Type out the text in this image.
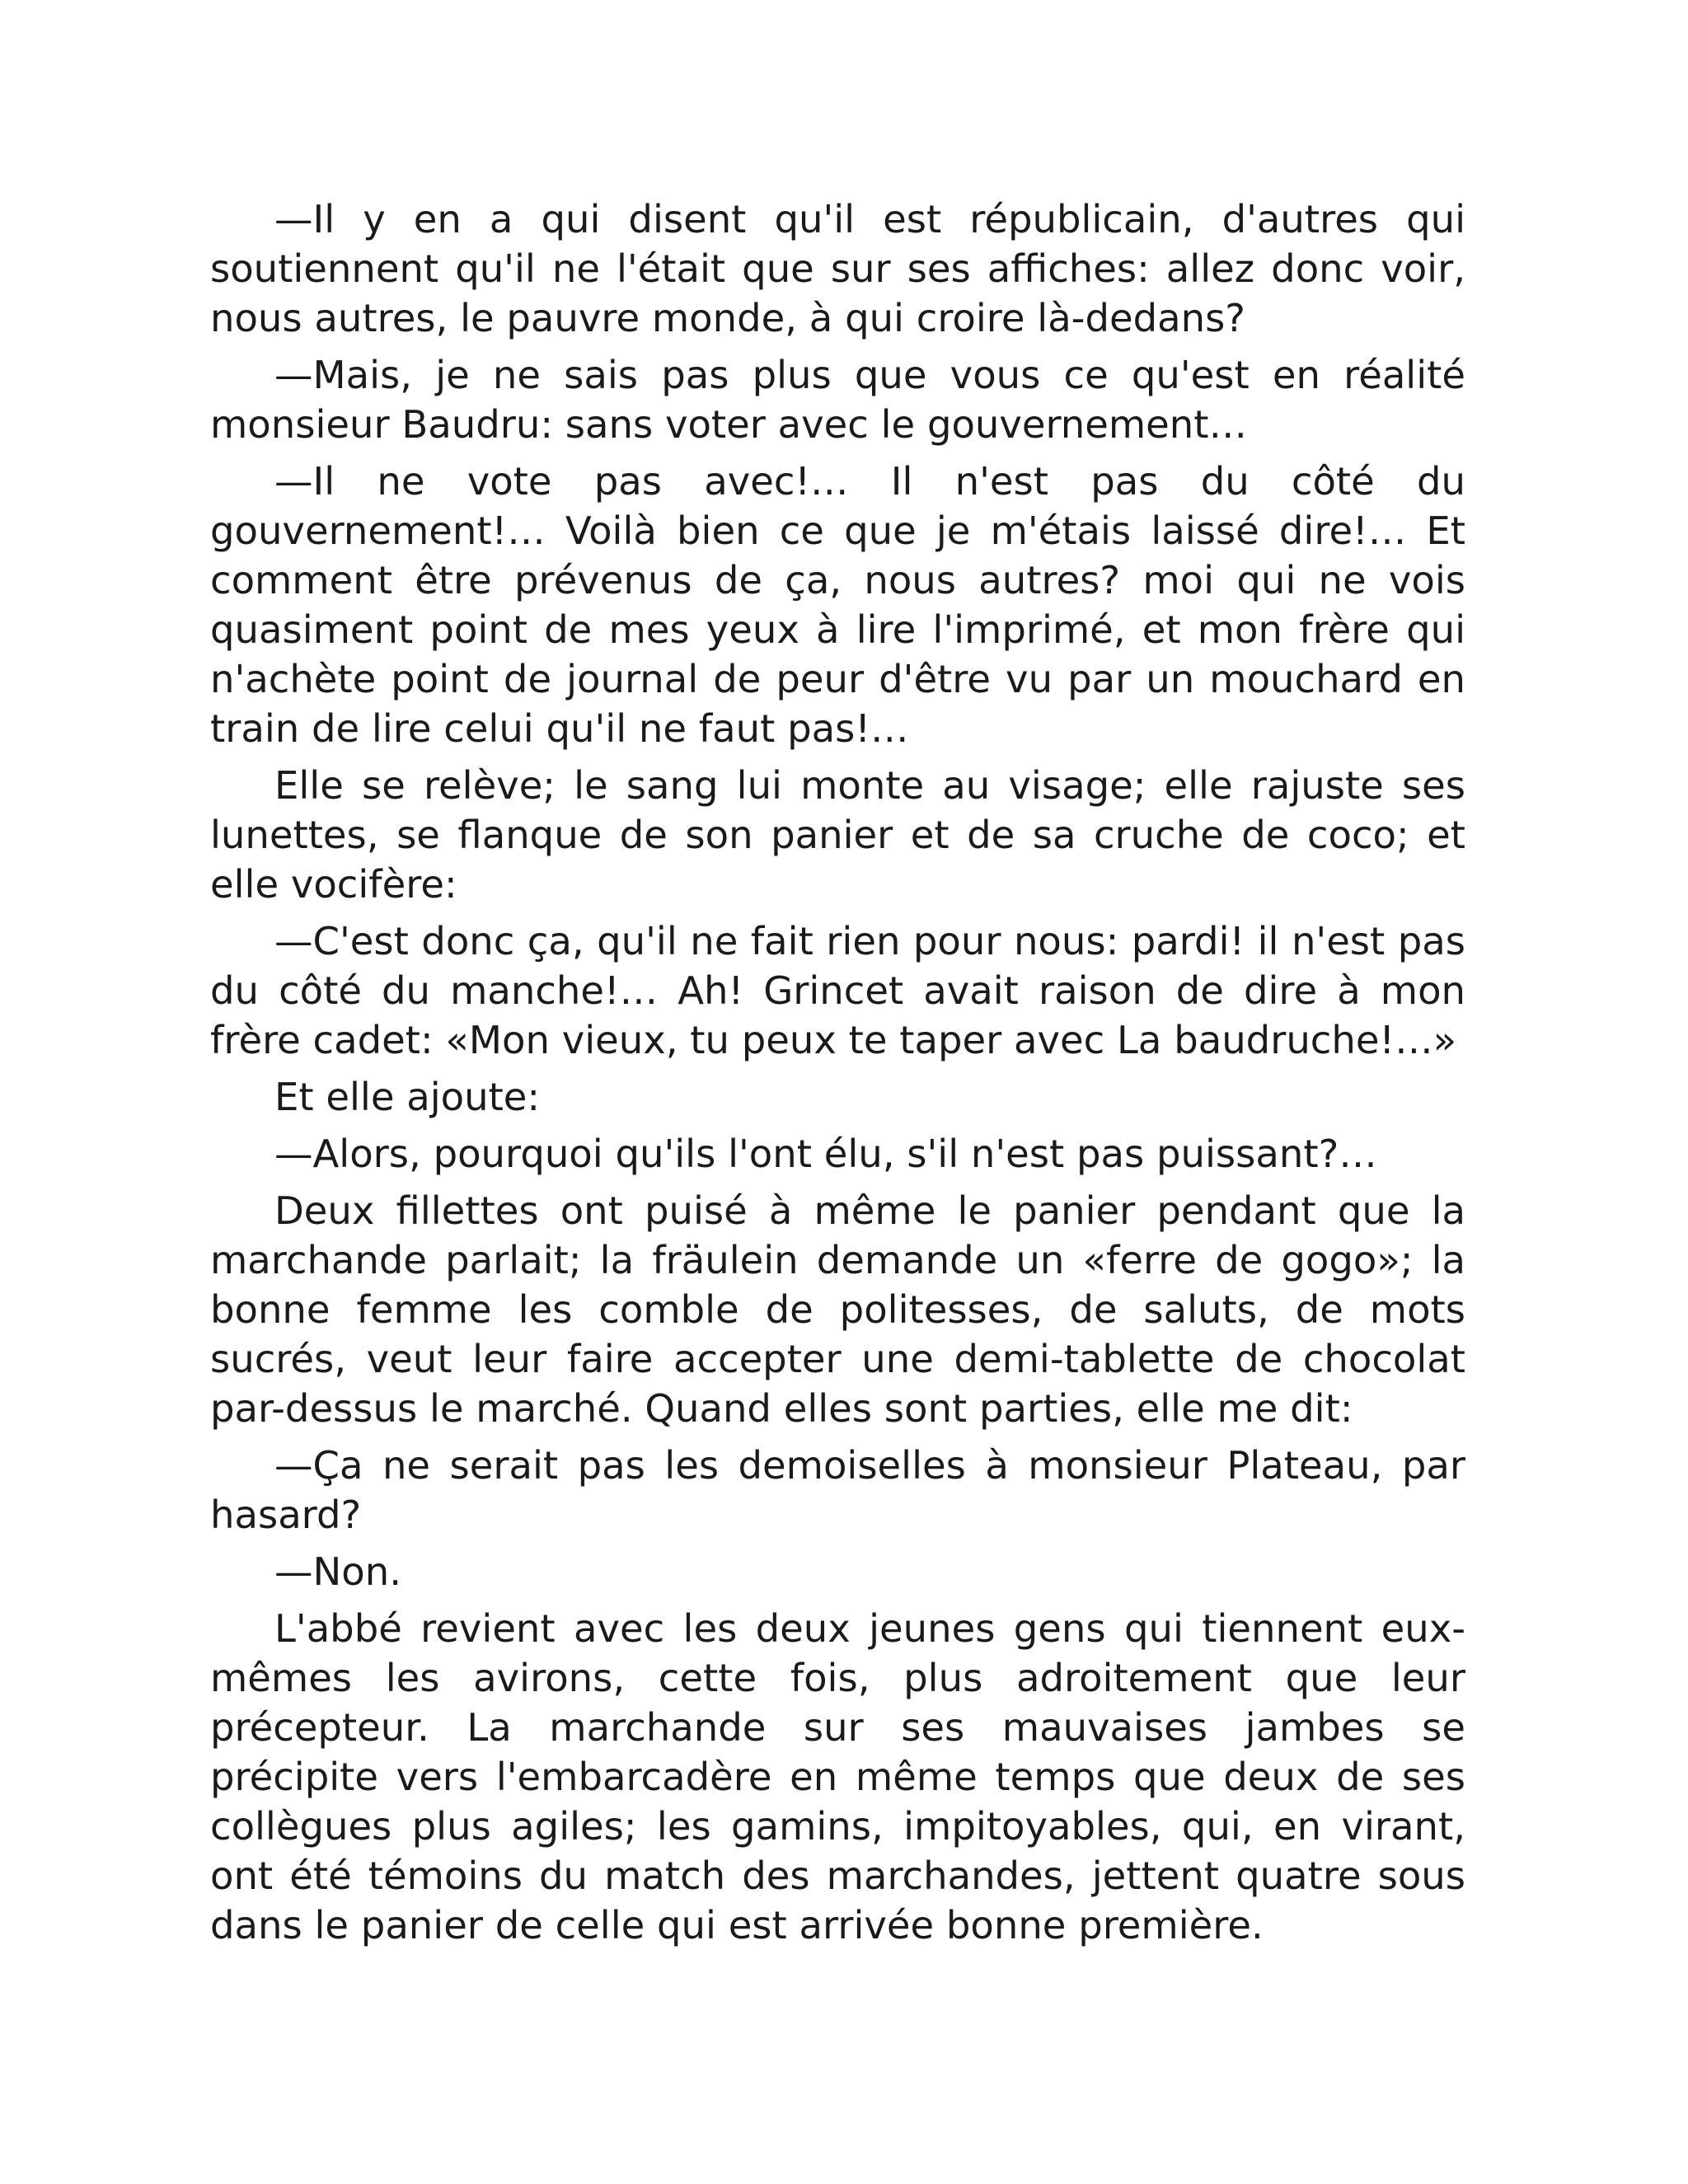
—Il y en a qui disent qu'il est républicain, d'autres qui soutiennent qu'il ne l'était que sur ses affiches: allez donc voir, nous autres, le pauvre monde, à qui croire là-dedans?

—Mais, je ne sais pas plus que vous ce qu'est en réalité monsieur Baudru: sans voter avec le gouvernement…

—Il ne vote pas avec!… Il n'est pas du côté du gouvernement!… Voilà bien ce que je m'étais laissé dire!… Et comment être prévenus de ça, nous autres? moi qui ne vois quasiment point de mes yeux à lire l'imprimé, et mon frère qui n'achète point de journal de peur d'être vu par un mouchard en train de lire celui qu'il ne faut pas!…

Elle se relève; le sang lui monte au visage; elle rajuste ses lunettes, se flanque de son panier et de sa cruche de coco; et elle vocifère:

—C'est donc ça, qu'il ne fait rien pour nous: pardi! il n'est pas du côté du manche!… Ah! Grincet avait raison de dire à mon frère cadet: «Mon vieux, tu peux te taper avec La baudruche!…»

Et elle ajoute:

—Alors, pourquoi qu'ils l'ont élu, s'il n'est pas puissant?…

Deux fillettes ont puisé à même le panier pendant que la marchande parlait; la fräulein demande un «ferre de gogo»; la bonne femme les comble de politesses, de saluts, de mots sucrés, veut leur faire accepter une demi-tablette de chocolat par-dessus le marché. Quand elles sont parties, elle me dit:

—Ça ne serait pas les demoiselles à monsieur Plateau, par hasard?

—Non.

L'abbé revient avec les deux jeunes gens qui tiennent eux-mêmes les avirons, cette fois, plus adroitement que leur précepteur. La marchande sur ses mauvaises jambes se précipite vers l'embarcadère en même temps que deux de ses collègues plus agiles; les gamins, impitoyables, qui, en virant, ont été témoins du match des marchandes, jettent quatre sous dans le panier de celle qui est arrivée bonne première.
